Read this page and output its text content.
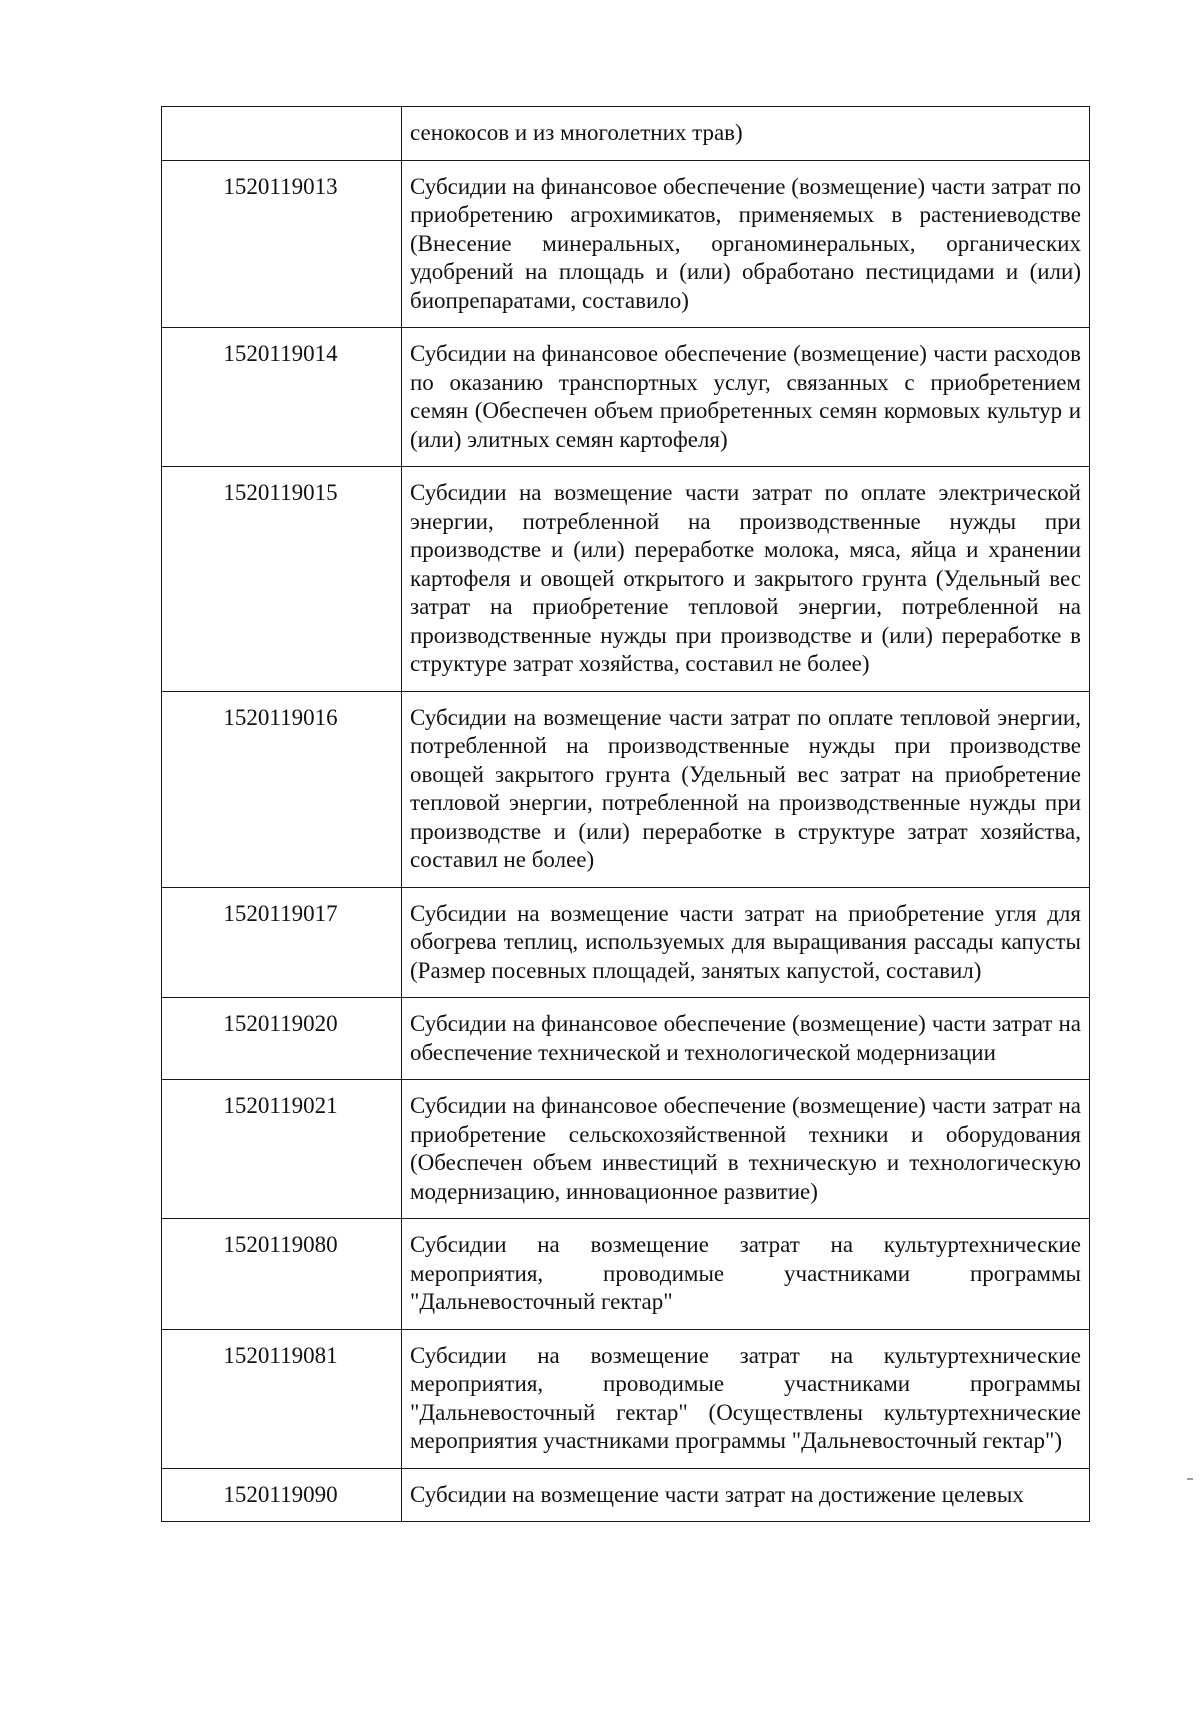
	сенокосов и из многолетних трав)

1520119013	Субсидии на финансовое обеспечение (возмещение) части затрат по приобретению агрохимикатов, применяемых в растениеводстве (Внесение минеральных, органоминеральных, органических удобрений на площадь и (или) обработано пестицидами и (или) биопрепаратами, составило)

1520119014	Субсидии на финансовое обеспечение (возмещение) части расходов по оказанию транспортных услуг, связанных с приобретением семян (Обеспечен объем приобретенных семян кормовых культур и (или) элитных семян картофеля)

1520119015	Субсидии на возмещение части затрат по оплате электрической энергии, потребленной на производственные нужды при производстве и (или) переработке молока, мяса, яйца и хранении картофеля и овощей открытого и закрытого грунта (Удельный вес затрат на приобретение тепловой энергии, потребленной на производственные нужды при производстве и (или) переработке в структуре затрат хозяйства, составил не более)

1520119016	Субсидии на возмещение части затрат по оплате тепловой энергии, потребленной на производственные нужды при производстве овощей закрытого грунта (Удельный вес затрат на приобретение тепловой энергии, потребленной на производственные нужды при производстве и (или) переработке в структуре затрат хозяйства, составил не более)

1520119017	Субсидии на возмещение части затрат на приобретение угля для обогрева теплиц, используемых для выращивания рассады капусты (Размер посевных площадей, занятых капустой, составил)

1520119020	Субсидии на финансовое обеспечение (возмещение) части затрат на обеспечение технической и технологической модернизации

1520119021	Субсидии на финансовое обеспечение (возмещение) части затрат на приобретение сельскохозяйственной техники и оборудования (Обеспечен объем инвестиций в техническую и технологическую модернизацию, инновационное развитие)

1520119080	Субсидии на возмещение затрат на культуртехнические мероприятия, проводимые участниками программы "Дальневосточный гектар"

1520119081	Субсидии на возмещение затрат на культуртехнические мероприятия, проводимые участниками программы "Дальневосточный гектар" (Осуществлены культуртехнические мероприятия участниками программы "Дальневосточный гектар")

1520119090	Субсидии на возмещение части затрат на достижение целевых
